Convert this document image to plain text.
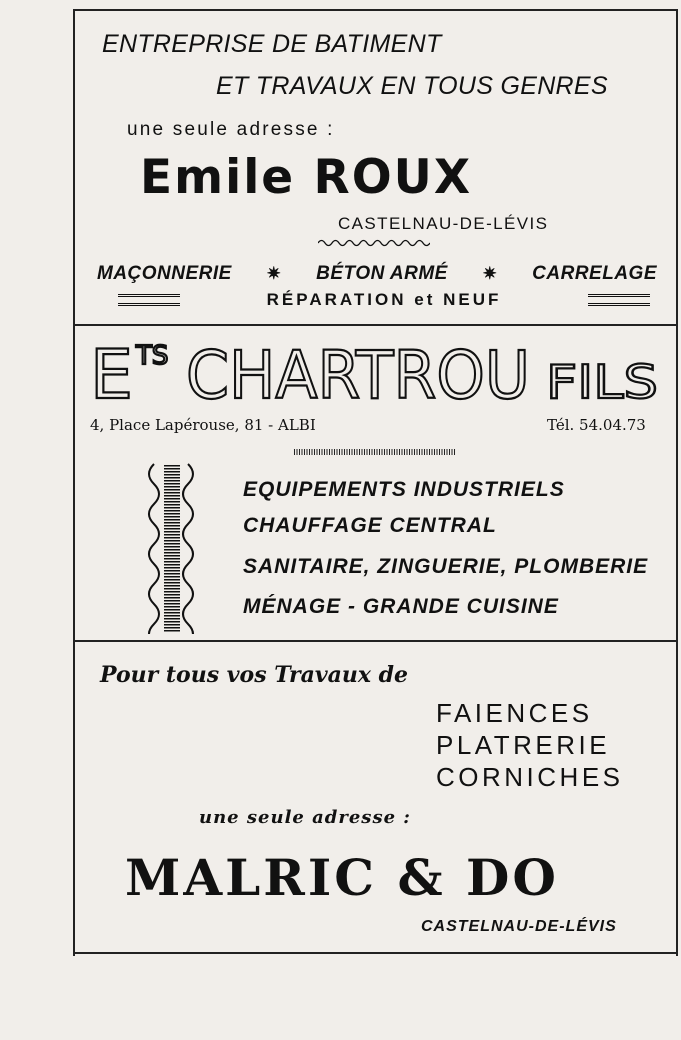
ENTREPRISE DE BATIMENT
ET TRAVAUX EN TOUS GENRES
une seule adresse :
Emile ROUX
CASTELNAU-DE-LÉVIS
MAÇONNERIE ✷ BÉTON ARMÉ ✷ CARRELAGE
RÉPARATION et NEUF
E TS CHARTROU FILS
4, Place Lapérouse, 81 - ALBI	Tél. 54.04.73
EQUIPEMENTS INDUSTRIELS
CHAUFFAGE CENTRAL
SANITAIRE, ZINGUERIE, PLOMBERIE
MÉNAGE - GRANDE CUISINE
Pour tous vos Travaux de
FAIENCES
PLATRERIE
CORNICHES
une seule adresse :
MALRIC & DO
CASTELNAU-DE-LÉVIS
